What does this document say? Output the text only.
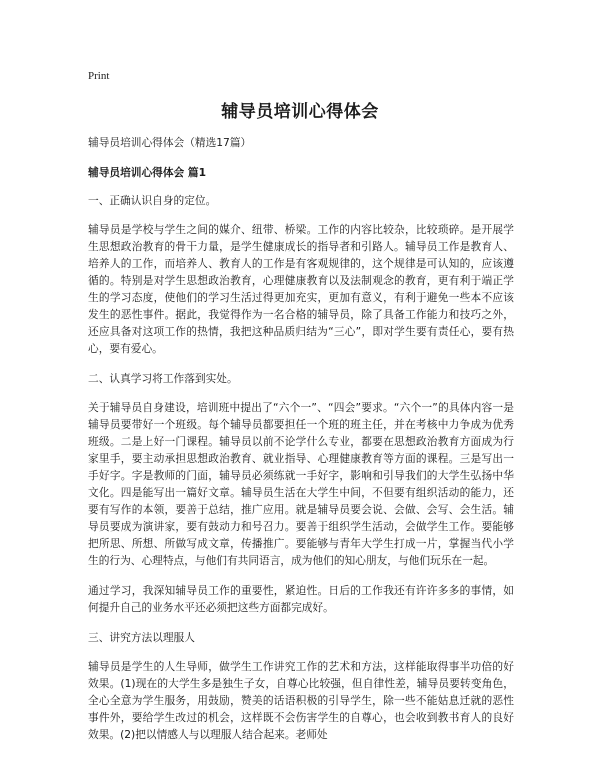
Print
辅导员培训心得体会

辅导员培训心得体会（精选17篇）

辅导员培训心得体会 篇1

一、正确认识自身的定位。

辅导员是学校与学生之间的媒介、纽带、桥梁。工作的内容比较杂，比较琐碎。是开展学生思想政治教育的骨干力量，是学生健康成长的指导者和引路人。辅导员工作是教育人、培养人的工作，而培养人、教育人的工作是有客观规律的，这个规律是可认知的，应该遵循的。特别是对学生思想政治教育，心理健康教育以及法制观念的教育，更有利于端正学生的学习态度，使他们的学习生活过得更加充实，更加有意义，有利于避免一些本不应该发生的恶性事件。据此，我觉得作为一名合格的辅导员，除了具备工作能力和技巧之外，还应具备对这项工作的热情，我把这种品质归结为“三心”，即对学生要有责任心，要有热心，要有爱心。

二、认真学习将工作落到实处。

关于辅导员自身建设，培训班中提出了“六个一”、“四会”要求。“六个一”的具体内容一是辅导员要带好一个班级。每个辅导员都要担任一个班的班主任，并在考核中力争成为优秀班级。二是上好一门课程。辅导员以前不论学什么专业，都要在思想政治教育方面成为行家里手，要主动承担思想政治教育、就业指导、心理健康教育等方面的课程。三是写出一手好字。字是教师的门面，辅导员必须练就一手好字，影响和引导我们的大学生弘扬中华文化。四是能写出一篇好文章。辅导员生活在大学生中间，不但要有组织活动的能力，还要有写作的本领，要善于总结，推广应用。就是辅导员要会说、会做、会写、会生活。辅导员要成为演讲家，要有鼓动力和号召力。要善于组织学生活动，会做学生工作。要能够把所思、所想、所做写成文章，传播推广。要能够与青年大学生打成一片，掌握当代小学生的行为、心理特点，与他们有共同语言，成为他们的知心朋友，与他们玩乐在一起。

通过学习，我深知辅导员工作的重要性，紧迫性。日后的工作我还有许许多多的事情，如何提升自己的业务水平还必须把这些方面都完成好。

三、讲究方法以理服人

辅导员是学生的人生导师，做学生工作讲究工作的艺术和方法，这样能取得事半功倍的好效果。(1)现在的大学生多是独生子女，自尊心比较强，但自律性差，辅导员要转变角色，全心全意为学生服务，用鼓励，赞美的话语积极的引导学生，除一些不能姑息迁就的恶性事件外，要给学生改过的机会，这样既不会伤害学生的自尊心，也会收到教书育人的良好效果。(2)把以情感人与以理服人结合起来。老师处
